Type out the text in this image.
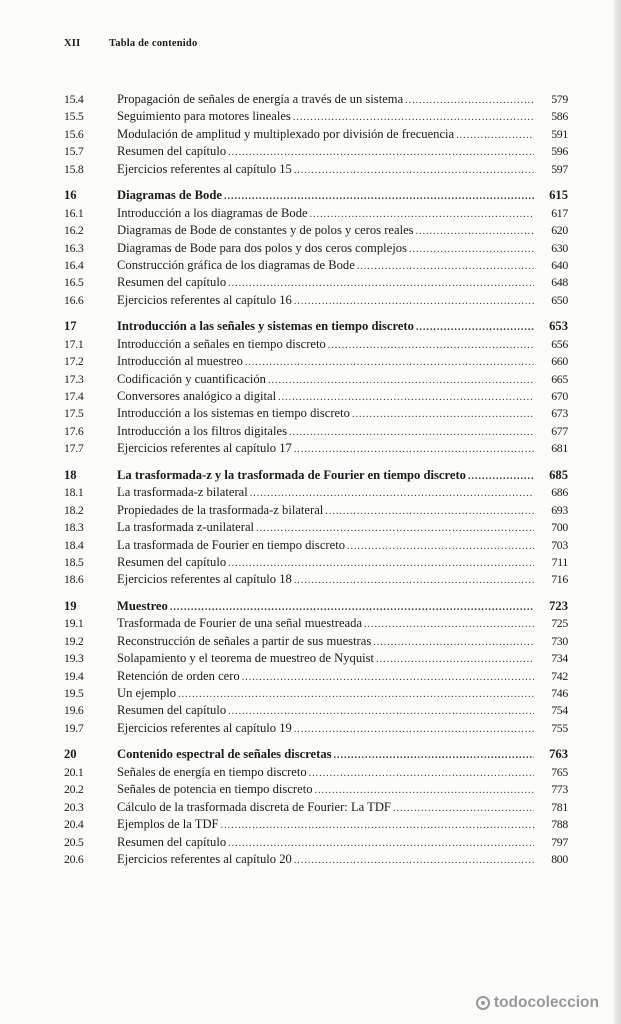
XII	Tabla de contenido
15.4	Propagación de señales de energía a través de un sistema .....	579
15.5	Seguimiento para motores lineales .....	586
15.6	Modulación de amplitud y multiplexado por división de frecuencia .....	591
15.7	Resumen del capítulo .....	596
15.8	Ejercicios referentes al capítulo 15 .....	597
16	Diagramas de Bode .....	615
16.1	Introducción a los diagramas de Bode .....	617
16.2	Diagramas de Bode de constantes y de polos y ceros reales .....	620
16.3	Diagramas de Bode para dos polos y dos ceros complejos .....	630
16.4	Construcción gráfica de los diagramas de Bode .....	640
16.5	Resumen del capítulo .....	648
16.6	Ejercicios referentes al capítulo 16 .....	650
17	Introducción a las señales y sistemas en tiempo discreto .....	653
17.1	Introducción a señales en tiempo discreto .....	656
17.2	Introducción al muestreo .....	660
17.3	Codificación y cuantificación .....	665
17.4	Conversores analógico a digital .....	670
17.5	Introducción a los sistemas en tiempo discreto .....	673
17.6	Introducción a los filtros digitales .....	677
17.7	Ejercicios referentes al capítulo 17 .....	681
18	La trasformada-z y la trasformada de Fourier en tiempo discreto .....	685
18.1	La trasformada-z bilateral .....	686
18.2	Propiedades de la trasformada-z bilateral .....	693
18.3	La trasformada z-unilateral .....	700
18.4	La trasformada de Fourier en tiempo discreto .....	703
18.5	Resumen del capítulo .....	711
18.6	Ejercicios referentes al capítulo 18 .....	716
19	Muestreo .....	723
19.1	Trasformada de Fourier de una señal muestreada .....	725
19.2	Reconstrucción de señales a partir de sus muestras .....	730
19.3	Solapamiento y el teorema de muestreo de Nyquist .....	734
19.4	Retención de orden cero .....	742
19.5	Un ejemplo .....	746
19.6	Resumen del capítulo .....	754
19.7	Ejercicios referentes al capítulo 19 .....	755
20	Contenido espectral de señales discretas .....	763
20.1	Señales de energía en tiempo discreto .....	765
20.2	Señales de potencia en tiempo discreto .....	773
20.3	Cálculo de la trasformada discreta de Fourier: La TDF .....	781
20.4	Ejemplos de la TDF .....	788
20.5	Resumen del capítulo .....	797
20.6	Ejercicios referentes al capítulo 20 .....	800
todocoleccion
